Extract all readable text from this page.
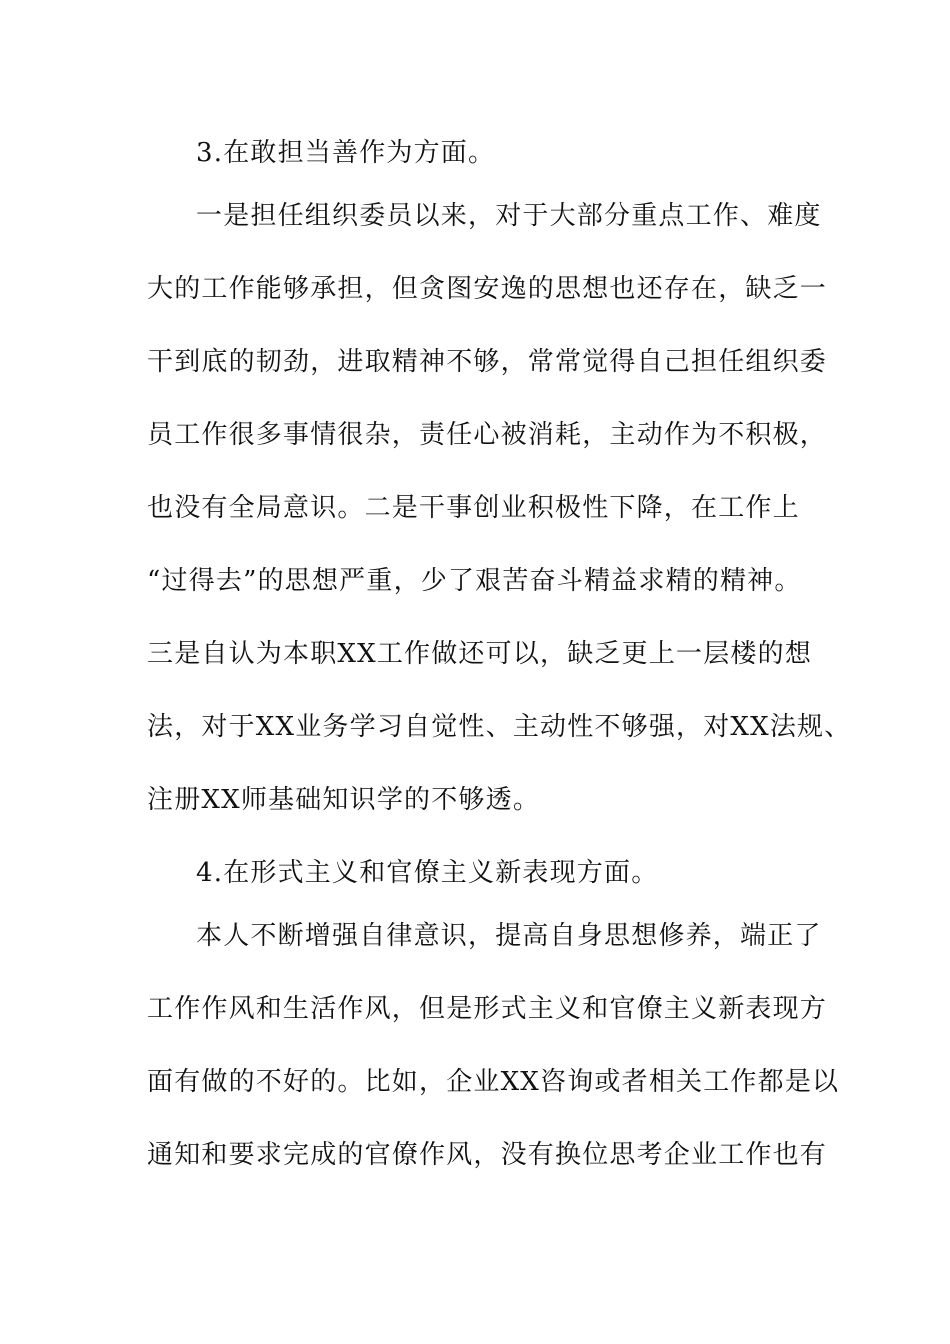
3.在敢担当善作为方面。
一是担任组织委员以来，对于大部分重点工作、难度
大的工作能够承担，但贪图安逸的思想也还存在，缺乏一
干到底的韧劲，进取精神不够，常常觉得自己担任组织委
员工作很多事情很杂，责任心被消耗，主动作为不积极，
也没有全局意识。二是干事创业积极性下降，在工作上
“过得去”的思想严重，少了艰苦奋斗精益求精的精神。
三是自认为本职XX工作做还可以，缺乏更上一层楼的想
法，对于XX业务学习自觉性、主动性不够强，对XX法规、
注册XX师基础知识学的不够透。
4.在形式主义和官僚主义新表现方面。
本人不断增强自律意识，提高自身思想修养，端正了
工作作风和生活作风，但是形式主义和官僚主义新表现方
面有做的不好的。比如，企业XX咨询或者相关工作都是以
通知和要求完成的官僚作风，没有换位思考企业工作也有
